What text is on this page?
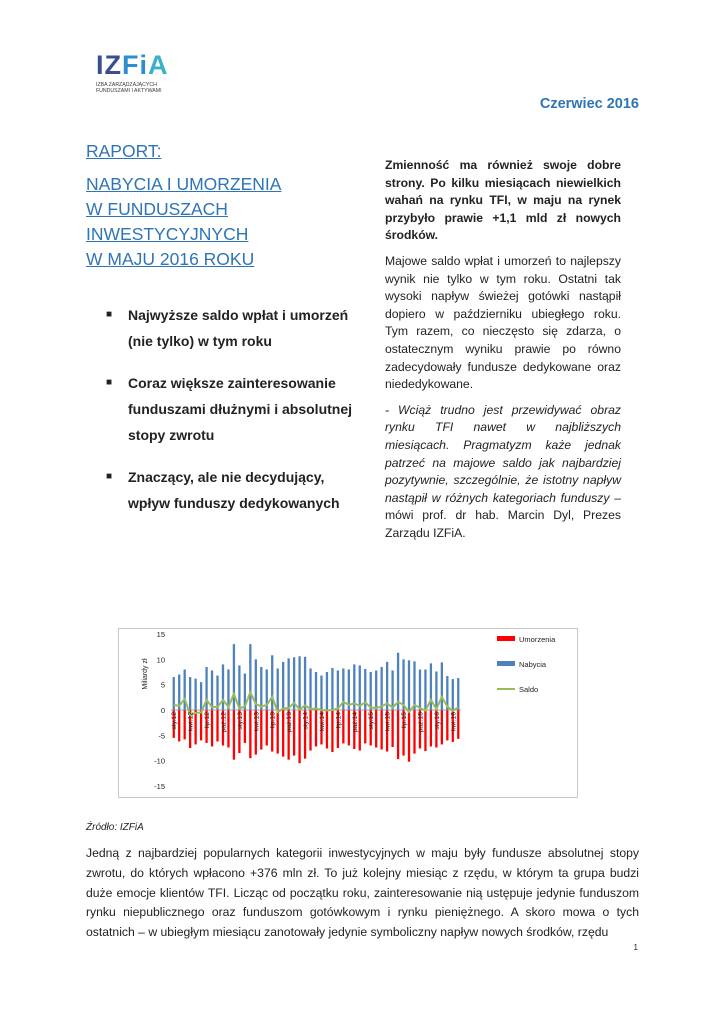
IZFiA
IZBA ZARZĄDZAJĄCYCH FUNDUSZAMI I AKTYWAMI
Czerwiec 2016
RAPORT:
NABYCIA I UMORZENIA
W FUNDUSZACH INWESTYCYJNYCH
W MAJU 2016 ROKU
■	Najwyższe saldo wpłat i umorzeń (nie tylko) w tym roku
■	Coraz większe zainteresowanie funduszami dłużnymi i absolutnej stopy zwrotu
■	Znaczący, ale nie decydujący, wpływ funduszy dedykowanych

Zmienność ma również swoje dobre strony. Po kilku miesiącach niewielkich wahań na rynku TFI, w maju na rynek przybyło prawie +1,1 mld zł nowych środków.

Majowe saldo wpłat i umorzeń to najlepszy wynik nie tylko w tym roku. Ostatni tak wysoki napływ świeżej gotówki nastąpił dopiero w październiku ubiegłego roku. Tym razem, co nieczęsto się zdarza, o ostatecznym wyniku prawie po równo zadecydowały fundusze dedykowane oraz niededykowane.

- Wciąż trudno jest przewidywać obraz rynku TFI nawet w najbliższych miesiącach. Pragmatyzm każe jednak patrzeć na majowe saldo jak najbardziej pozytywnie, szczególnie, że istotny napływ nastąpił w różnych kategoriach funduszy – mówi prof. dr hab. Marcin Dyl, Prezes Zarządu IZFiA.

15
10
5
0
-5
-10
-15
Miliardy zł
sty.12 kwi.12 lip.12 paź.12 sty.13 kwi.13 lip.13 paź.13 sty.14 kwi.14 lip.14 paź.14 sty.15 kwi.15 lip.15 paź.15 sty.16 kwi.16
Umorzenia
Nabycia
Saldo
Źródło: IZFiA
Jedną z najbardziej popularnych kategorii inwestycyjnych w maju były fundusze absolutnej stopy zwrotu, do których wpłacono +376 mln zł. To już kolejny miesiąc z rzędu, w którym ta grupa budzi duże emocje klientów TFI. Licząc od początku roku, zainteresowanie nią ustępuje jedynie funduszom rynku niepublicznego oraz funduszom gotówkowym i rynku pieniężnego. A skoro mowa o tych ostatnich – w ubiegłym miesiącu zanotowały jedynie symboliczny napływ nowych środków, rzędu
1
